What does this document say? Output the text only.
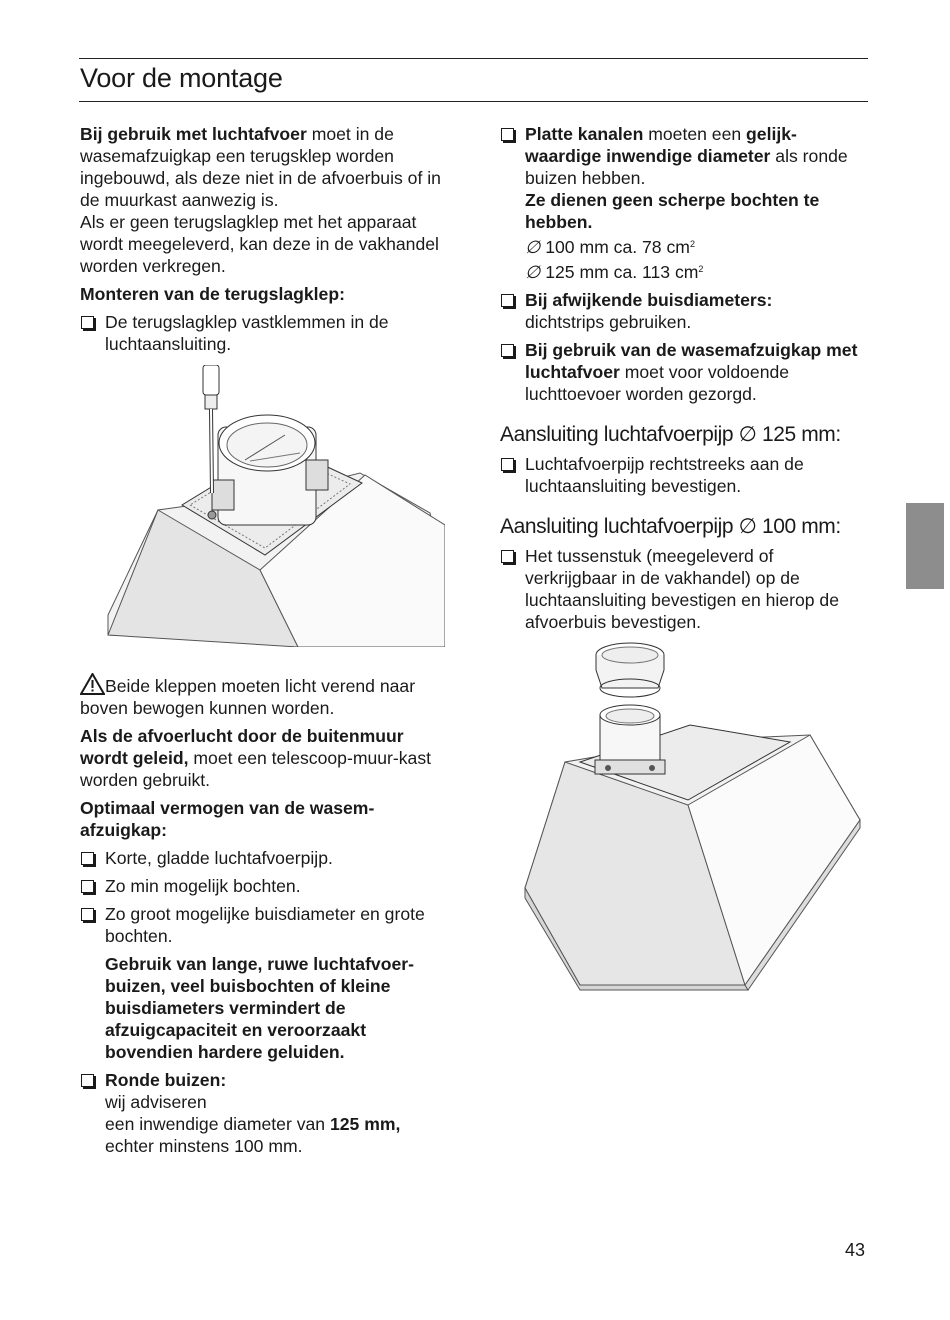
Voor de montage

Bij gebruik met luchtafvoer moet in de wasemafzuigkap een terugsklep worden ingebouwd, als deze niet in de afvoerbuis of in de muurkast aanwezig is.
Als er geen terugslagklep met het apparaat wordt meegeleverd, kan deze in de vakhandel worden verkregen.

Monteren van de terugslagklep:

De terugslagklep vastklemmen in de luchtaansluiting.

Beide kleppen moeten licht verend naar boven bewogen kunnen worden.

Als de afvoerlucht door de buitenmuur wordt geleid, moet een telescoop-muur-kast worden gebruikt.

Optimaal vermogen van de wasem-afzuigkap:

Korte, gladde luchtafvoerpijp.
Zo min mogelijk bochten.
Zo groot mogelijke buisdiameter en grote bochten.

Gebruik van lange, ruwe luchtafvoer-buizen, veel buisbochten of kleine buisdiameters vermindert de afzuigcapaciteit en veroorzaakt bovendien hardere geluiden.

Ronde buizen:
wij adviseren
een inwendige diameter van 125 mm,
echter minstens 100 mm.
Platte kanalen moeten een gelijk-waardige inwendige diameter als ronde buizen hebben.
Ze dienen geen scherpe bochten te hebben.
∅ 100 mm ca. 78 $cm^2$
∅ 125 mm ca. 113 $cm^2$
Bij afwijkende buisdiameters:
dichtstrips gebruiken.
Bij gebruik van de wasemafzuigkap met luchtafvoer moet voor voldoende luchttoevoer worden gezorgd.
Aansluiting luchtafvoerpijp ∅ 125 mm:
Luchtafvoerpijp rechtstreeks aan de luchtaansluiting bevestigen.
Aansluiting luchtafvoerpijp ∅ 100 mm:
Het tussenstuk (meegeleverd of verkrijgbaar in de vakhandel) op de luchtaansluiting bevestigen en hierop de afvoerbuis bevestigen.
43
